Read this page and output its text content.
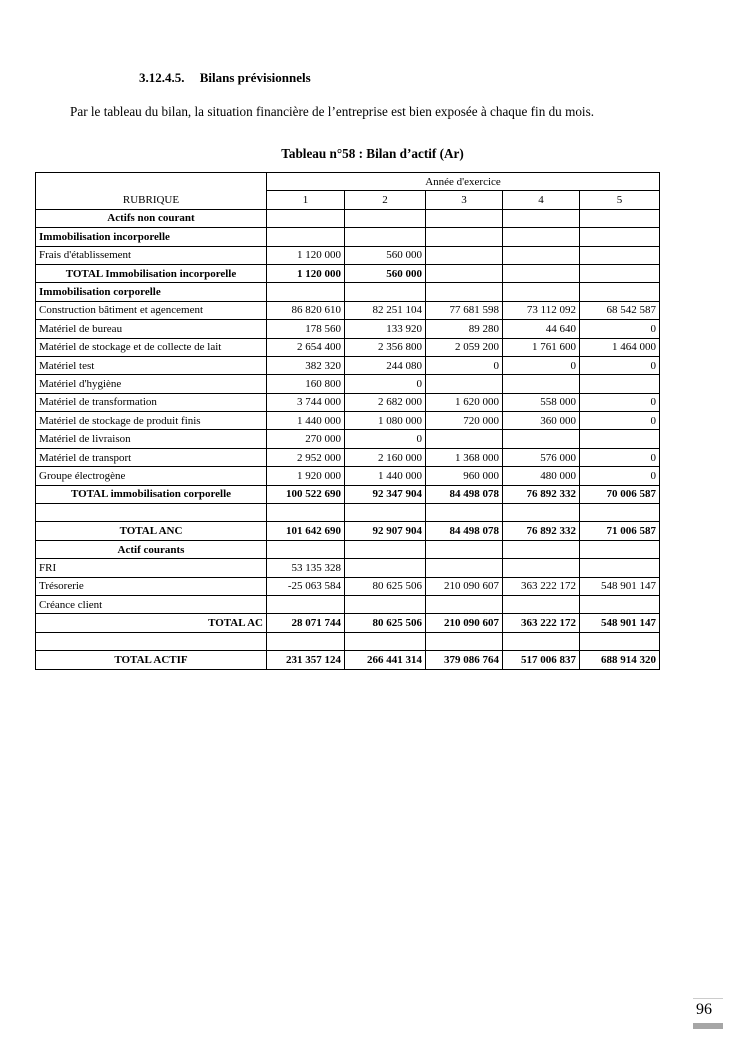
3.12.4.5. Bilans prévisionnels
Par le tableau du bilan, la situation financière de l’entreprise est bien exposée à chaque fin du mois.
Tableau n°58 : Bilan d’actif (Ar)
	Année d'exercice				
RUBRIQUE	1	2	3	4	5
Actifs non courant					
Immobilisation incorporelle					
Frais d'établissement	1 120 000	560 000			
TOTAL Immobilisation incorporelle	1 120 000	560 000			
Immobilisation corporelle					
Construction bâtiment et agencement	86 820 610	82 251 104	77 681 598	73 112 092	68 542 587
Matériel de bureau	178 560	133 920	89 280	44 640	0
Matériel de stockage et de collecte de lait	2 654 400	2 356 800	2 059 200	1 761 600	1 464 000
Matériel test	382 320	244 080	0	0	0
Matériel d'hygiène	160 800	0			
Matériel de transformation	3 744 000	2 682 000	1 620 000	558 000	0
Matériel de stockage de produit finis	1 440 000	1 080 000	720 000	360 000	0
Matériel de livraison	270 000	0			
Matériel de transport	2 952 000	2 160 000	1 368 000	576 000	0
Groupe électrogène	1 920 000	1 440 000	960 000	480 000	0
TOTAL immobilisation corporelle	100 522 690	92 347 904	84 498 078	76 892 332	70 006 587

TOTAL ANC	101 642 690	92 907 904	84 498 078	76 892 332	71 006 587
Actif courants					
FRI	53 135 328				
Trésorerie	-25 063 584	80 625 506	210 090 607	363 222 172	548 901 147
Créance client					
TOTAL AC	28 071 744	80 625 506	210 090 607	363 222 172	548 901 147

TOTAL ACTIF	231 357 124	266 441 314	379 086 764	517 006 837	688 914 320
96
